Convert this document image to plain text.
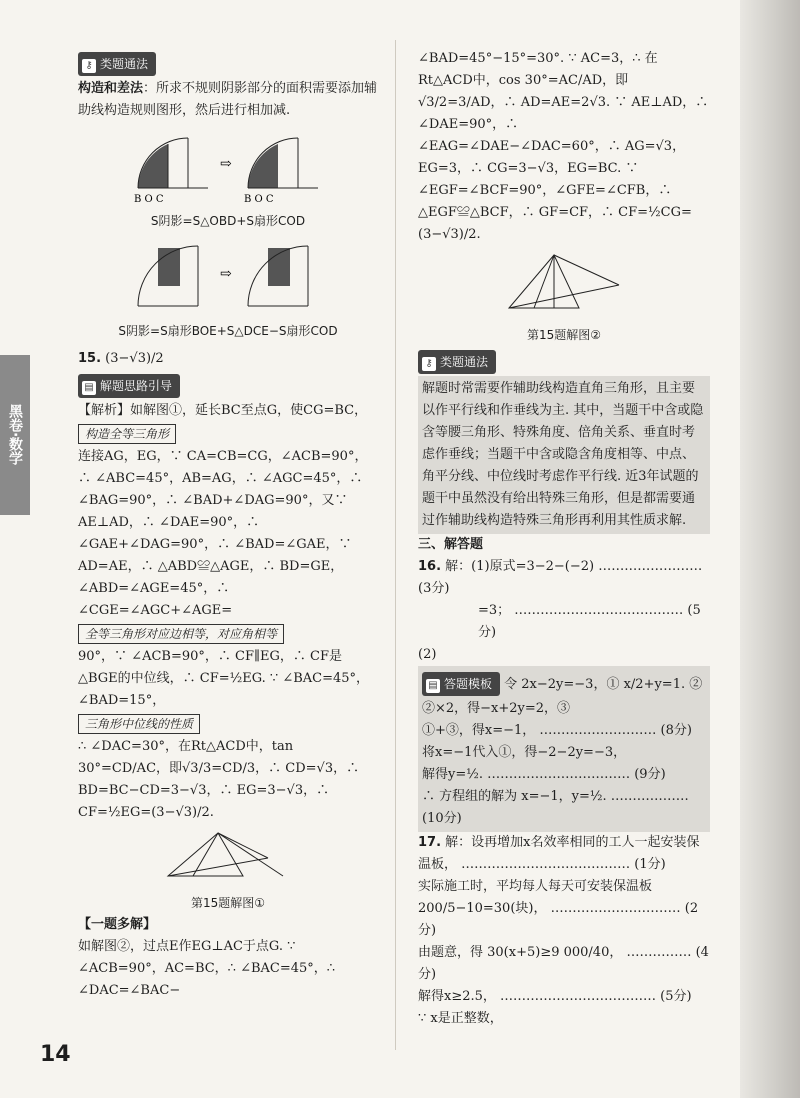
黑卷·数学
⚷ 类题通法
构造和差法：所求不规则阴影部分的面积需要添加辅助线构造规则图形，然后进行相加减.
⇨
B O C	B O C
S阴影=S△OBD+S扇形COD
⇨
S阴影=S扇形BOE+S△DCE−S扇形COD
15. (3−√3)/2
▤ 解题思路引导
【解析】如解图①，延长BC至点G，使CG=BC，
构造全等三角形
连接AG，EG，∵ CA=CB=CG，∠ACB=90°，∴ ∠ABC=45°，AB=AG，∴ ∠AGC=45°，∴ ∠BAG=90°，∴ ∠BAD+∠DAG=90°，又∵ AE⊥AD，∴ ∠DAE=90°，∴ ∠GAE+∠DAG=90°，∴ ∠BAD=∠GAE，∵ AD=AE，∴ △ABD≌△AGE，∴ BD=GE，∠ABD=∠AGE=45°，∴ ∠CGE=∠AGC+∠AGE=
全等三角形对应边相等，对应角相等
90°，∵ ∠ACB=90°，∴ CF∥EG，∴ CF是△BGE的中位线，∴ CF=½EG. ∵ ∠BAC=45°，∠BAD=15°，
三角形中位线的性质
∴ ∠DAC=30°，在Rt△ACD中，tan 30°=CD/AC，即√3/3=CD/3，∴ CD=√3，∴ BD=BC−CD=3−√3，∴ EG=3−√3，∴ CF=½EG=(3−√3)/2.
第15题解图①
【一题多解】
如解图②，过点E作EG⊥AC于点G. ∵ ∠ACB=90°，AC=BC，∴ ∠BAC=45°，∴ ∠DAC=∠BAC−
∠BAD=45°−15°=30°. ∵ AC=3，∴ 在Rt△ACD中，cos 30°=AC/AD，即√3/2=3/AD，∴ AD=AE=2√3. ∵ AE⊥AD，∴ ∠DAE=90°，∴ ∠EAG=∠DAE−∠DAC=60°，∴ AG=√3，EG=3，∴ CG=3−√3，EG=BC. ∵ ∠EGF=∠BCF=90°，∠GFE=∠CFB，∴ △EGF≌△BCF，∴ GF=CF，∴ CF=½CG=(3−√3)/2.
第15题解图②
⚷ 类题通法
解题时常需要作辅助线构造直角三角形，且主要以作平行线和作垂线为主. 其中，当题干中含或隐含等腰三角形、特殊角度、倍角关系、垂直时考虑作垂线；当题干中含或隐含角度相等、中点、角平分线、中位线时考虑作平行线. 近3年试题的题干中虽然没有给出特殊三角形，但是都需要通过作辅助线构造特殊三角形再利用其性质求解.
三、解答题
16. 解：(1)原式=3−2−(−2) …………………… (3分)
=3； ………………………………… (5分)
(2)
▤ 答题模板 令 2x−2y=−3，① x/2+y=1. ②
②×2，得−x+2y=2，③
①+③，得x=−1， ……………………… (8分)
将x=−1代入①，得−2−2y=−3，
解得y=½. …………………………… (9分)
∴ 方程组的解为 x=−1，y=½. ……………… (10分)
17. 解：设再增加x名效率相同的工人一起安装保温板， ………………………………… (1分)
实际施工时，平均每人每天可安装保温板200/5−10=30(块)， ………………………… (2分)
由题意，得 30(x+5)≥9 000/40， …………… (4分)
解得x≥2.5， ……………………………… (5分)
∵ x是正整数，
14
